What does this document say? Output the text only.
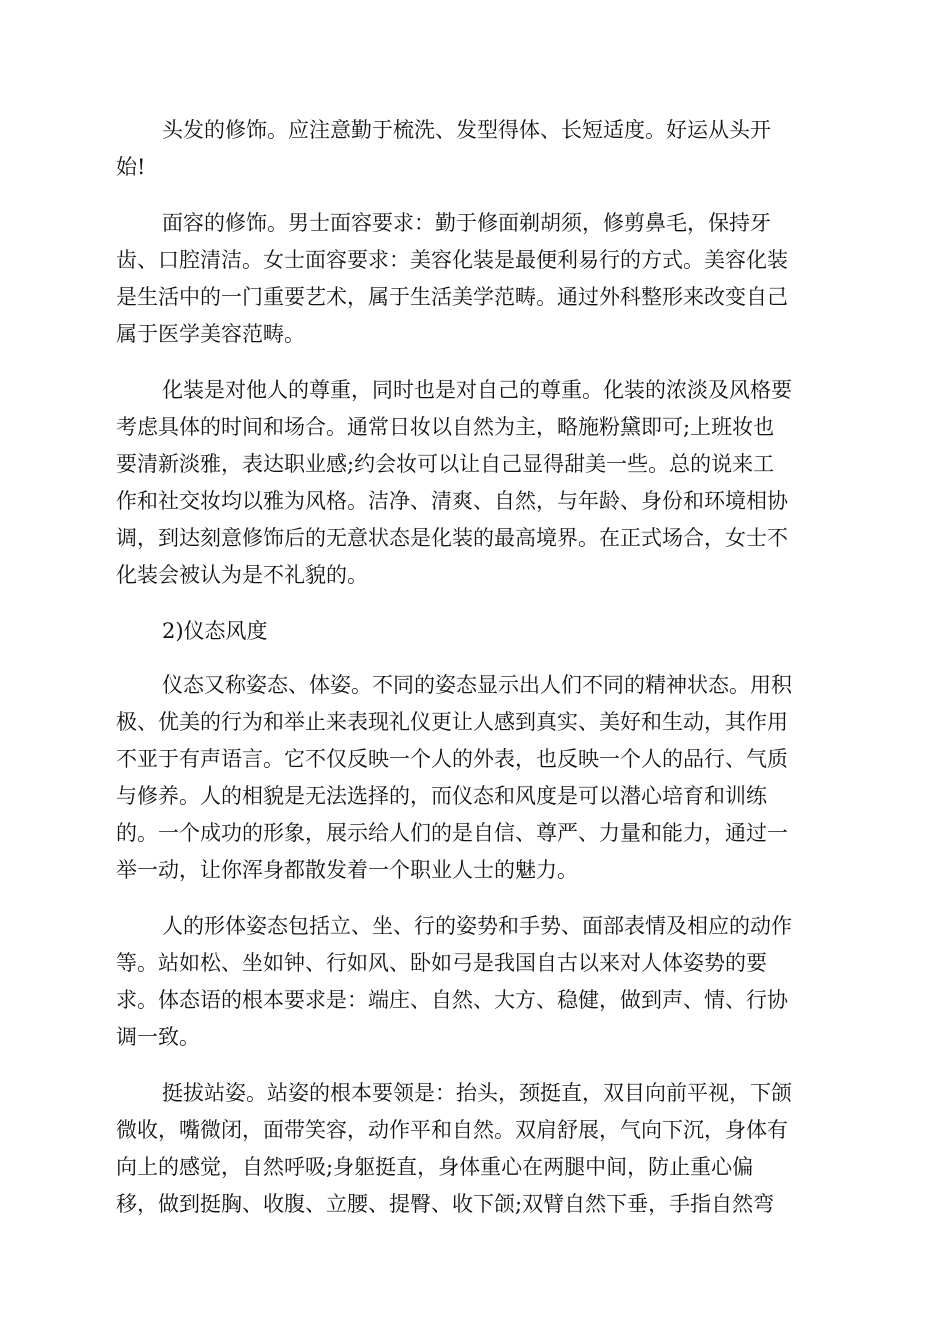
头发的修饰。应注意勤于梳洗、发型得体、长短适度。好运从头开
始!
面容的修饰。男士面容要求：勤于修面剃胡须，修剪鼻毛，保持牙
齿、口腔清洁。女士面容要求：美容化装是最便利易行的方式。美容化装
是生活中的一门重要艺术，属于生活美学范畴。通过外科整形来改变自己
属于医学美容范畴。
化装是对他人的尊重，同时也是对自己的尊重。化装的浓淡及风格要
考虑具体的时间和场合。通常日妆以自然为主，略施粉黛即可;上班妆也
要清新淡雅，表达职业感;约会妆可以让自己显得甜美一些。总的说来工
作和社交妆均以雅为风格。洁净、清爽、自然，与年龄、身份和环境相协
调，到达刻意修饰后的无意状态是化装的最高境界。在正式场合，女士不
化装会被认为是不礼貌的。
2)仪态风度
仪态又称姿态、体姿。不同的姿态显示出人们不同的精神状态。用积
极、优美的行为和举止来表现礼仪更让人感到真实、美好和生动，其作用
不亚于有声语言。它不仅反映一个人的外表，也反映一个人的品行、气质
与修养。人的相貌是无法选择的，而仪态和风度是可以潜心培育和训练
的。一个成功的形象，展示给人们的是自信、尊严、力量和能力，通过一
举一动，让你浑身都散发着一个职业人士的魅力。
人的形体姿态包括立、坐、行的姿势和手势、面部表情及相应的动作
等。站如松、坐如钟、行如风、卧如弓是我国自古以来对人体姿势的要
求。体态语的根本要求是：端庄、自然、大方、稳健，做到声、情、行协
调一致。
挺拔站姿。站姿的根本要领是：抬头，颈挺直，双目向前平视，下颌
微收，嘴微闭，面带笑容，动作平和自然。双肩舒展，气向下沉，身体有
向上的感觉，自然呼吸;身躯挺直，身体重心在两腿中间，防止重心偏
移，做到挺胸、收腹、立腰、提臀、收下颌;双臂自然下垂，手指自然弯
